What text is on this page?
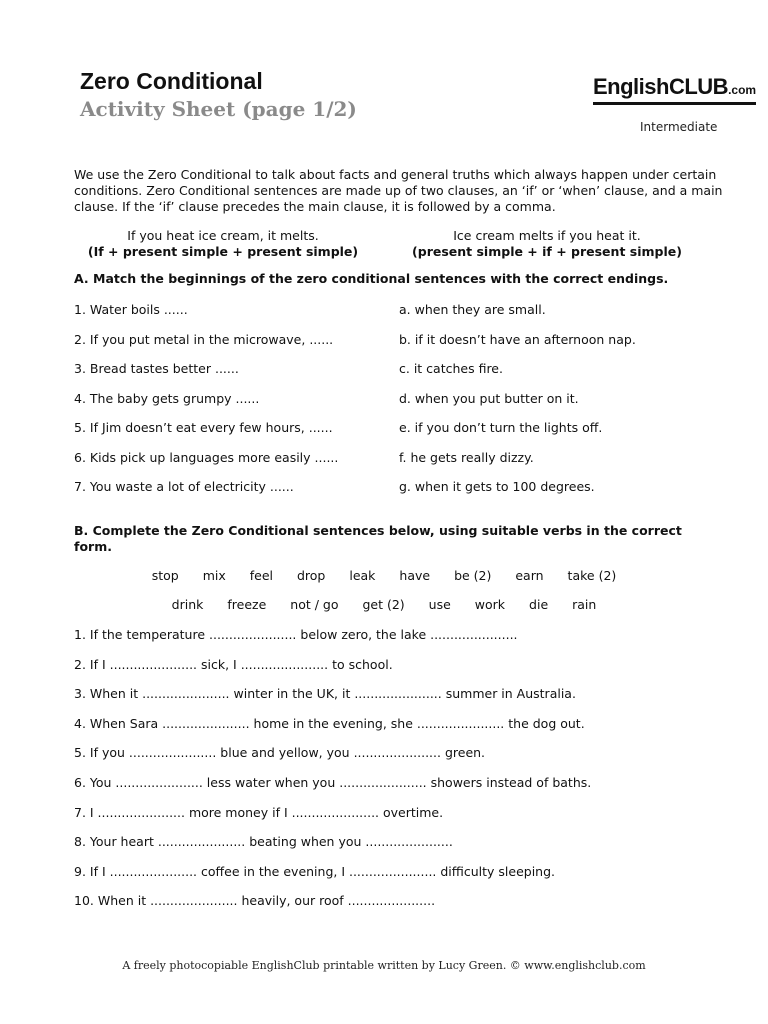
Zero Conditional
Activity Sheet (page 1/2)
EnglishCLUB.com
Intermediate

We use the Zero Conditional to talk about facts and general truths which always happen under certain conditions. Zero Conditional sentences are made up of two clauses, an ‘if’ or ‘when’ clause, and a main clause. If the ‘if’ clause precedes the main clause, it is followed by a comma.

If you heat ice cream, it melts.
(If + present simple + present simple)
Ice cream melts if you heat it.
(present simple + if + present simple)

A. Match the beginnings of the zero conditional sentences with the correct endings.

1. Water boils ......	a. when they are small.
2. If you put metal in the microwave, ......	b. if it doesn’t have an afternoon nap.
3. Bread tastes better ......	c. it catches fire.
4. The baby gets grumpy ......	d. when you put butter on it.
5. If Jim doesn’t eat every few hours, ......	e. if you don’t turn the lights off.
6. Kids pick up languages more easily ......	f. he gets really dizzy.
7. You waste a lot of electricity ......	g. when it gets to 100 degrees.

B. Complete the Zero Conditional sentences below, using suitable verbs in the correct form.

stop mix feel drop leak have be (2) earn take (2)
drink freeze not / go get (2) use work die rain
1. If the temperature ...................... below zero, the lake ......................
2. If I ...................... sick, I ...................... to school.
3. When it ...................... winter in the UK, it ...................... summer in Australia.
4. When Sara ...................... home in the evening, she ...................... the dog out.
5. If you ...................... blue and yellow, you ...................... green.
6. You ...................... less water when you ...................... showers instead of baths.
7. I ...................... more money if I ...................... overtime.
8. Your heart ...................... beating when you ......................
9. If I ...................... coffee in the evening, I ...................... difficulty sleeping.
10. When it ...................... heavily, our roof ......................
A freely photocopiable EnglishClub printable written by Lucy Green. © www.englishclub.com
